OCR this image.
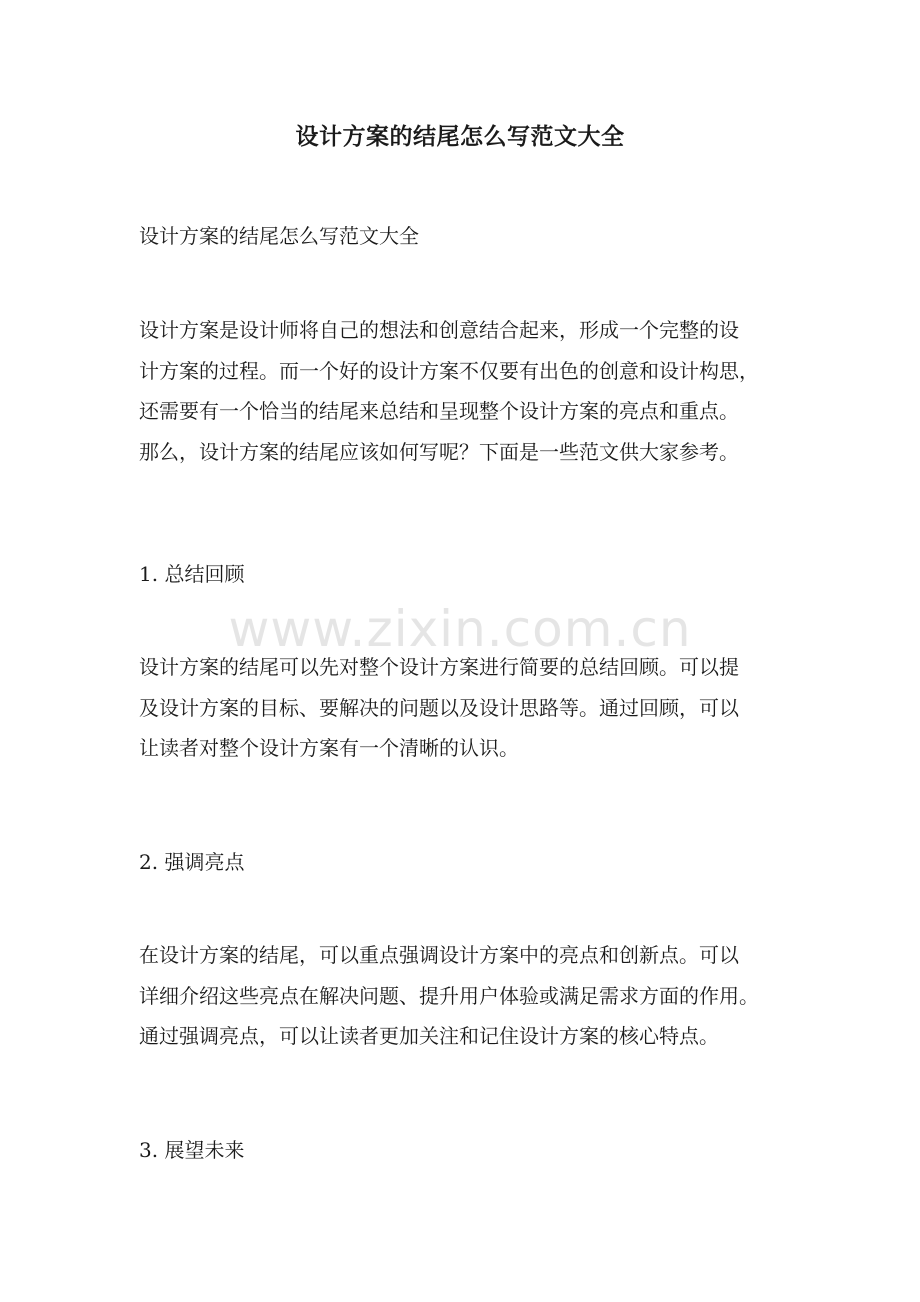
设计方案的结尾怎么写范文大全
设计方案的结尾怎么写范文大全
设计方案是设计师将自己的想法和创意结合起来，形成一个完整的设
计方案的过程。而一个好的设计方案不仅要有出色的创意和设计构思，
还需要有一个恰当的结尾来总结和呈现整个设计方案的亮点和重点。
那么，设计方案的结尾应该如何写呢？下面是一些范文供大家参考。
1. 总结回顾
设计方案的结尾可以先对整个设计方案进行简要的总结回顾。可以提
及设计方案的目标、要解决的问题以及设计思路等。通过回顾，可以
让读者对整个设计方案有一个清晰的认识。
2. 强调亮点
在设计方案的结尾，可以重点强调设计方案中的亮点和创新点。可以
详细介绍这些亮点在解决问题、提升用户体验或满足需求方面的作用。
通过强调亮点，可以让读者更加关注和记住设计方案的核心特点。
3. 展望未来
www.zixin.com.cn
